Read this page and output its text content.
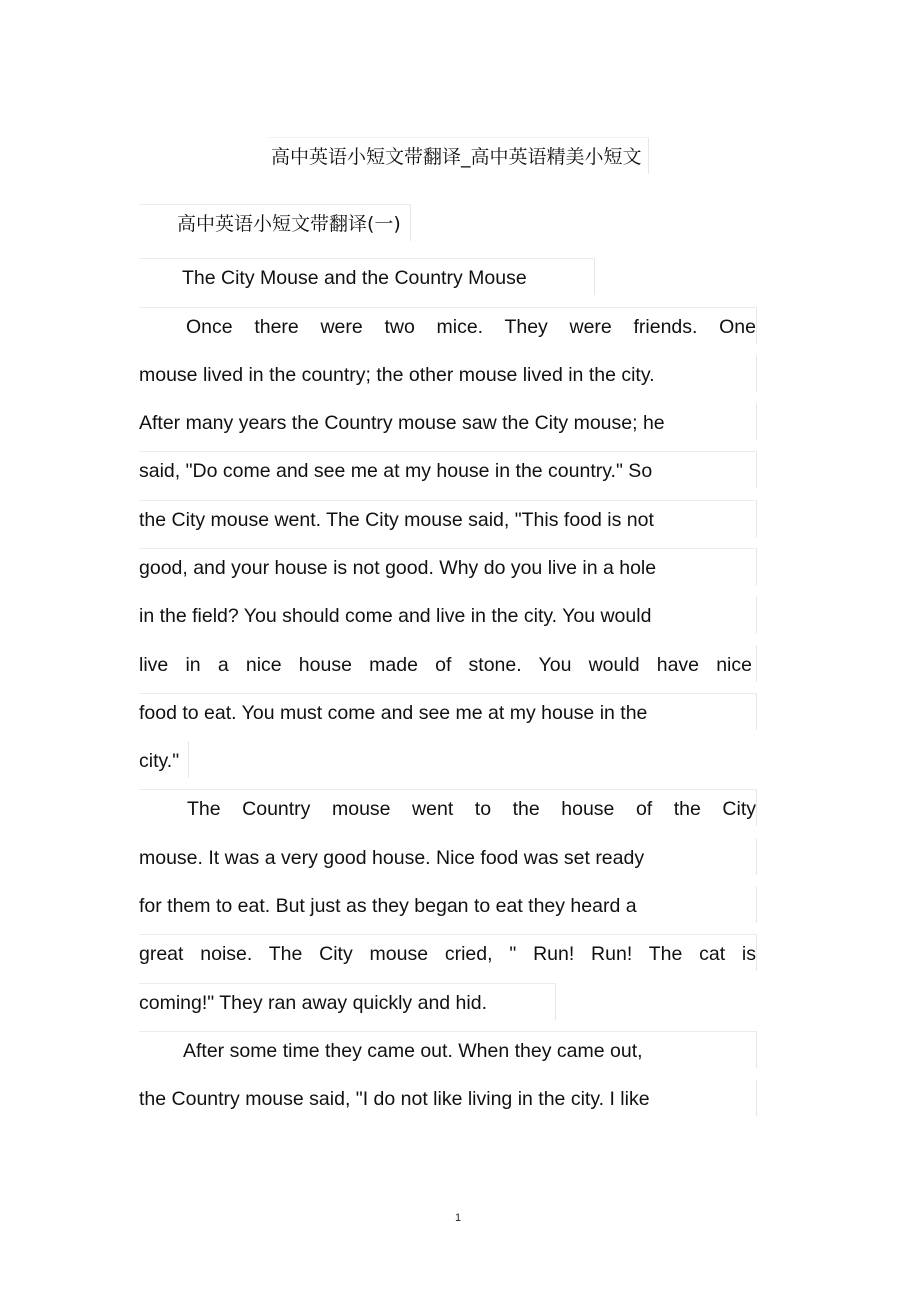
高中英语小短文带翻译_高中英语精美小短文
高中英语小短文带翻译(一)
The City Mouse and the Country Mouse
Once there were two mice. They were friends. One
mouse lived in the country; the other mouse lived in the city.
After many years the Country mouse saw the City mouse; he
said, "Do come and see me at my house in the country." So
the City mouse went. The City mouse said, "This food is not
good, and your house is not good. Why do you live in a hole
in the field? You should come and live in the city. You would
live in a nice house made of stone. You would have nice
food to eat. You must come and see me at my house in the
city."
The Country mouse went to the house of the City
mouse. It was a very good house. Nice food was set ready
for them to eat. But just as they began to eat they heard a
great noise. The City mouse cried, " Run! Run! The cat is
coming!" They ran away quickly and hid.
After some time they came out. When they came out,
the Country mouse said, "I do not like living in the city. I like
1
